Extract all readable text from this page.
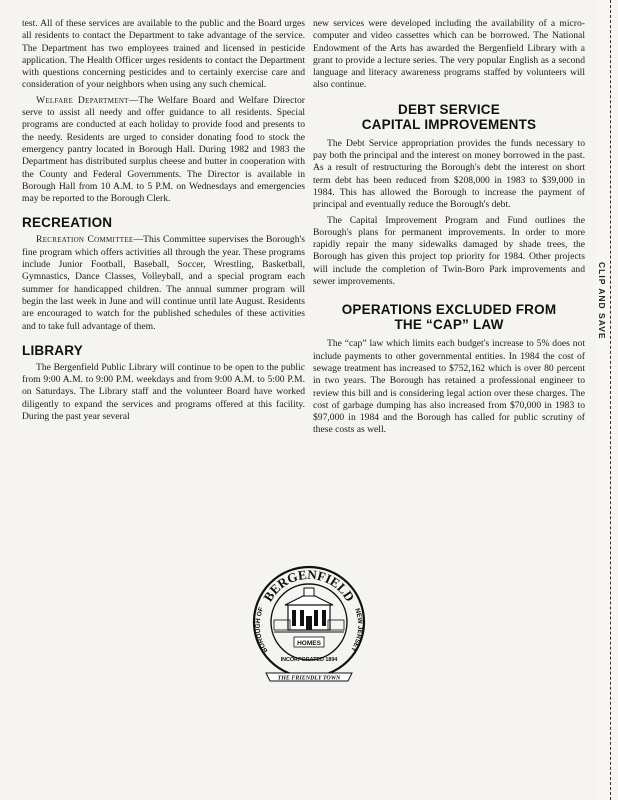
test. All of these services are available to the public and the Board urges all residents to contact the Department to take advantage of the service. The Department has two employees trained and licensed in pesticide application. The Health Officer urges residents to contact the Department with questions concerning pesticides and to certainly exercise care and consideration of your neighbors when using any such chemical.

Welfare Department—The Welfare Board and Welfare Director serve to assist all needy and offer guidance to all residents. Special programs are conducted at each holiday to provide food and presents to the needy. Residents are urged to consider donating food to stock the emergency pantry located in Borough Hall. During 1982 and 1983 the Department has distributed surplus cheese and butter in cooperation with the County and Federal Governments. The Director is available in Borough Hall from 10 A.M. to 5 P.M. on Wednesdays and emergencies may be reported to the Borough Clerk.

RECREATION

Recreation Committee—This Committee supervises the Borough's fine program which offers activities all through the year. These programs include Junior Football, Baseball, Soccer, Wrestling, Basketball, Gymnastics, Dance Classes, Volleyball, and a special program each summer for handicapped children. The annual summer program will begin the last week in June and will continue until late August. Residents are encouraged to watch for the published schedules of these activities and to take full advantage of them.

LIBRARY

The Bergenfield Public Library will continue to be open to the public from 9:00 A.M. to 9:00 P.M. weekdays and from 9:00 A.M. to 5:00 P.M. on Saturdays. The Library staff and the volunteer Board have worked diligently to expand the services and programs offered at this facility. During the past year several

new services were developed including the availability of a micro-computer and video cassettes which can be borrowed. The National Endowment of the Arts has awarded the Bergenfield Library with a grant to provide a lecture series. The very popular English as a second language and literacy awareness programs staffed by volunteers will also continue.

DEBT SERVICE
CAPITAL IMPROVEMENTS

The Debt Service appropriation provides the funds necessary to pay both the principal and the interest on money borrowed in the past. As a result of restructuring the Borough's debt the interest on short term debt has been reduced from $208,000 in 1983 to $39,000 in 1984. This has allowed the Borough to increase the payment of principal and eventually reduce the Borough's debt.

The Capital Improvement Program and Fund outlines the Borough's plans for permanent improvements. In order to more rapidly repair the many sidewalks damaged by shade trees, the Borough has given this project top priority for 1984. Other projects will include the completion of Twin-Boro Park improvements and sewer improvements.

OPERATIONS EXCLUDED FROM
THE “CAP” LAW

The “cap” law which limits each budget's increase to 5% does not include payments to other governmental entities. In 1984 the cost of sewage treatment has increased to $752,162 which is over 80 percent in two years. The Borough has retained a professional engineer to review this bill and is considering legal action over these charges. The cost of garbage dumping has also increased from $70,000 in 1983 to $97,000 in 1984 and the Borough has called for public scrutiny of these costs as well.

BERGENFIELD
BOROUGH OF	NEW JERSEY
HOMES
INCORPORATED 1894
THE FRIENDLY TOWN
CLIP AND SAVE
